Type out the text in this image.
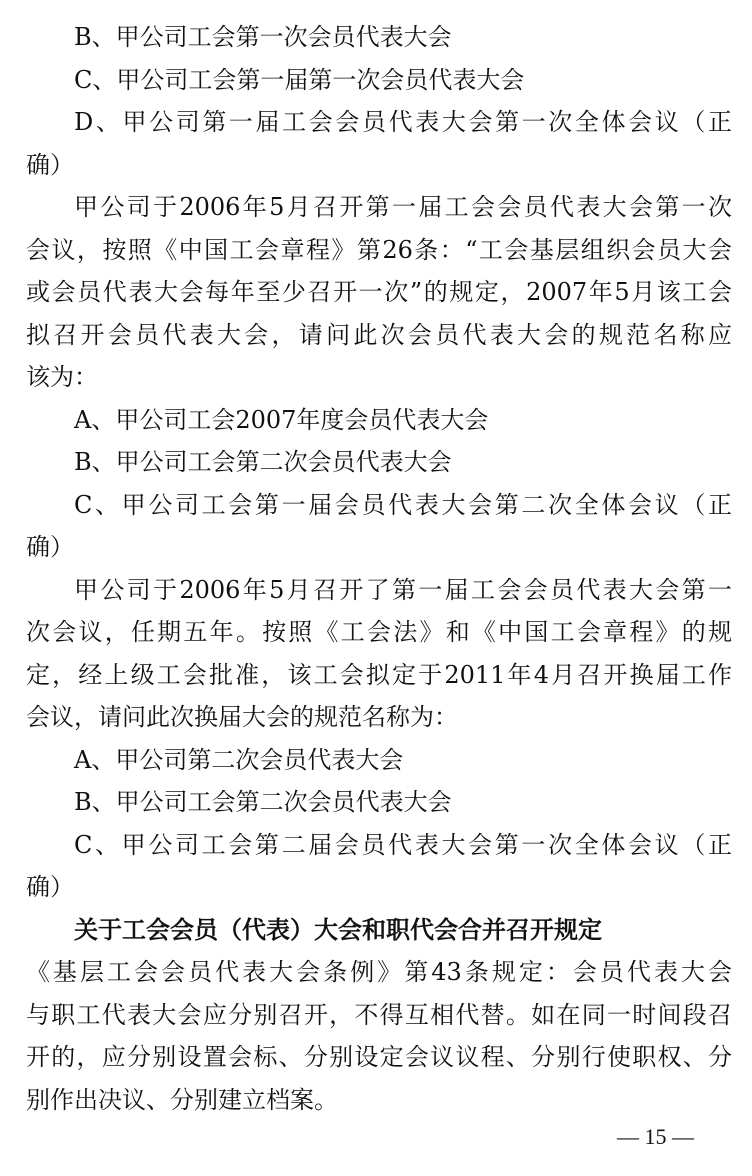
B、甲公司工会第一次会员代表大会
C、甲公司工会第一届第一次会员代表大会
D、甲公司第一届工会会员代表大会第一次全体会议（正
确）
甲公司于2006年5月召开第一届工会会员代表大会第一次
会议，按照《中国工会章程》第26条：“工会基层组织会员大会
或会员代表大会每年至少召开一次”的规定，2007年5月该工会
拟召开会员代表大会，请问此次会员代表大会的规范名称应
该为：
A、甲公司工会2007年度会员代表大会
B、甲公司工会第二次会员代表大会
C、甲公司工会第一届会员代表大会第二次全体会议（正
确）
甲公司于2006年5月召开了第一届工会会员代表大会第一
次会议，任期五年。按照《工会法》和《中国工会章程》的规
定，经上级工会批准，该工会拟定于2011年4月召开换届工作
会议，请问此次换届大会的规范名称为：
A、甲公司第二次会员代表大会
B、甲公司工会第二次会员代表大会
C、甲公司工会第二届会员代表大会第一次全体会议（正
确）
关于工会会员（代表）大会和职代会合并召开规定
《基层工会会员代表大会条例》第43条规定：会员代表大会
与职工代表大会应分别召开，不得互相代替。如在同一时间段召
开的，应分别设置会标、分别设定会议议程、分别行使职权、分
别作出决议、分别建立档案。
— 15 —
